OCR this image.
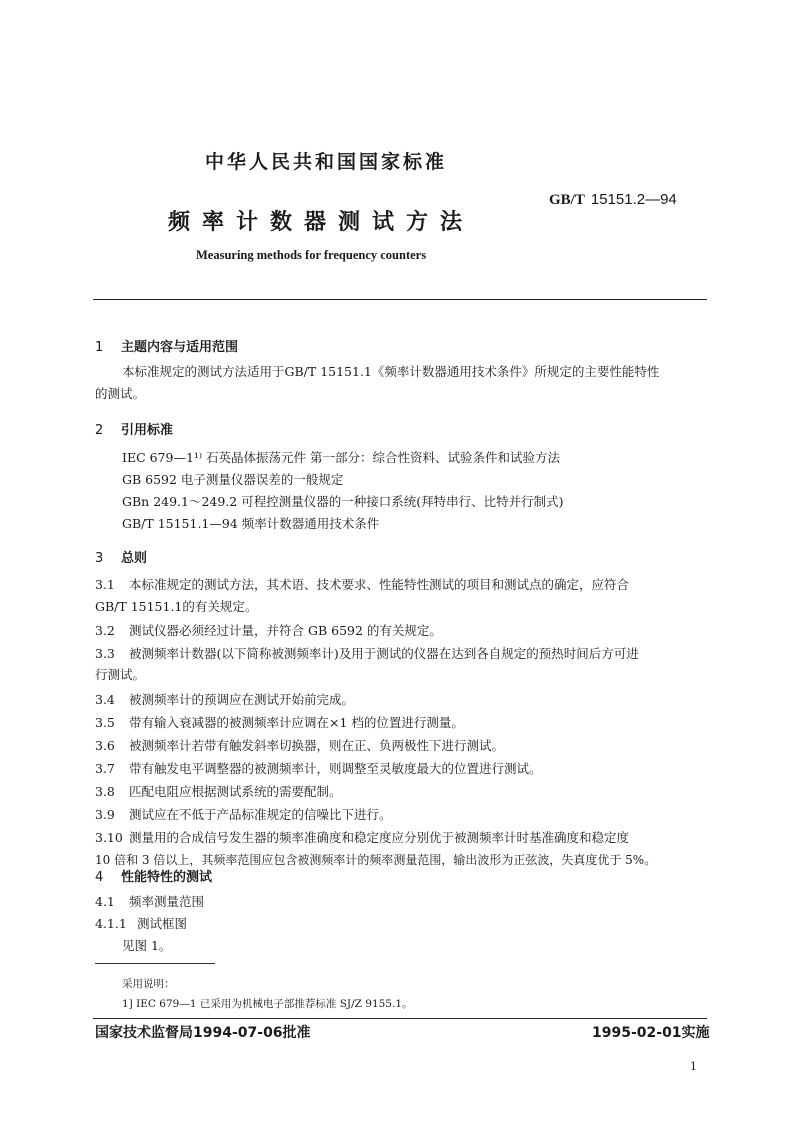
中华人民共和国国家标准
GB/T 15151.2—94
频率计数器测试方法
Measuring methods for frequency counters
1 主题内容与适用范围
本标准规定的测试方法适用于GB/T 15151.1《频率计数器通用技术条件》所规定的主要性能特性
的测试。
2 引用标准
IEC 679—1¹⁾ 石英晶体振荡元件 第一部分：综合性资料、试验条件和试验方法
GB 6592 电子测量仪器误差的一般规定
GBn 249.1～249.2 可程控测量仪器的一种接口系统(拜特串行、比特并行制式)
GB/T 15151.1—94 频率计数器通用技术条件
3 总则
3.1 本标准规定的测试方法，其术语、技术要求、性能特性测试的项目和测试点的确定，应符合
GB/T 15151.1的有关规定。
3.2 测试仪器必须经过计量，并符合 GB 6592 的有关规定。
3.3 被测频率计数器(以下简称被测频率计)及用于测试的仪器在达到各自规定的预热时间后方可进
行测试。
3.4 被测频率计的预调应在测试开始前完成。
3.5 带有输入衰减器的被测频率计应调在×1 档的位置进行测量。
3.6 被测频率计若带有触发斜率切换器，则在正、负两极性下进行测试。
3.7 带有触发电平调整器的被测频率计，则调整至灵敏度最大的位置进行测试。
3.8 匹配电阻应根据测试系统的需要配制。
3.9 测试应在不低于产品标准规定的信噪比下进行。
3.10 测量用的合成信号发生器的频率准确度和稳定度应分别优于被测频率计时基准确度和稳定度
10 倍和 3 倍以上，其频率范围应包含被测频率计的频率测量范围，输出波形为正弦波，失真度优于 5%。
4 性能特性的测试
4.1 频率测量范围
4.1.1 测试框图
见图 1。
采用说明：
1] IEC 679—1 已采用为机械电子部推荐标准 SJ/Z 9155.1。
国家技术监督局1994-07-06批准	1995-02-01实施
1
